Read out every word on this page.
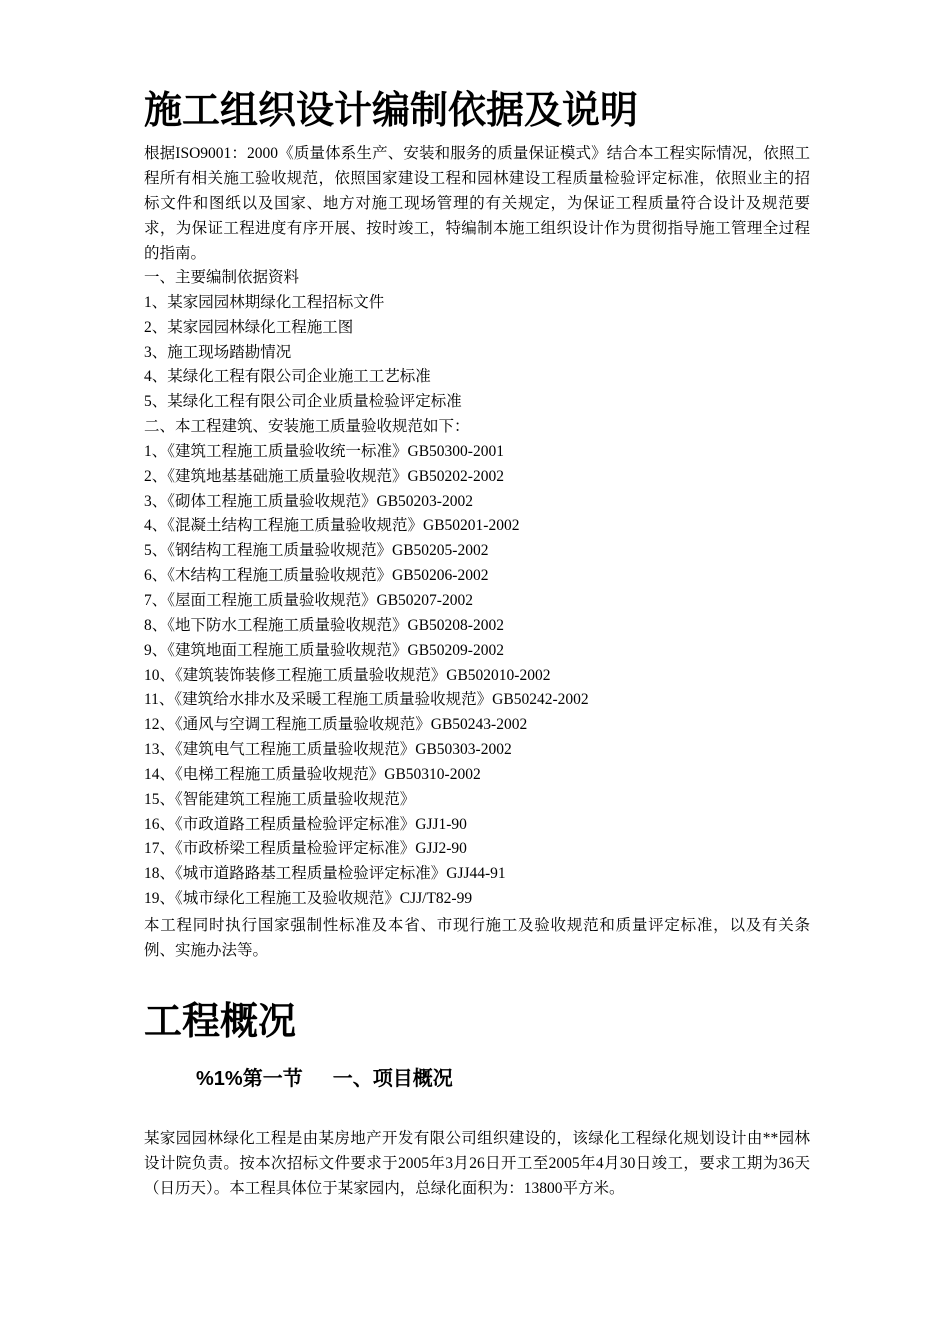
施工组织设计编制依据及说明
根据ISO9001：2000《质量体系生产、安装和服务的质量保证模式》结合本工程实际情况，依照工程所有相关施工验收规范，依照国家建设工程和园林建设工程质量检验评定标准，依照业主的招标文件和图纸以及国家、地方对施工现场管理的有关规定，为保证工程质量符合设计及规范要求，为保证工程进度有序开展、按时竣工，特编制本施工组织设计作为贯彻指导施工管理全过程的指南。
一、主要编制依据资料
1、某家园园林期绿化工程招标文件
2、某家园园林绿化工程施工图
3、施工现场踏勘情况
4、某绿化工程有限公司企业施工工艺标准
5、某绿化工程有限公司企业质量检验评定标准
二、本工程建筑、安装施工质量验收规范如下：
1、《建筑工程施工质量验收统一标准》GB50300-2001
2、《建筑地基基础施工质量验收规范》GB50202-2002
3、《砌体工程施工质量验收规范》GB50203-2002
4、《混凝土结构工程施工质量验收规范》GB50201-2002
5、《钢结构工程施工质量验收规范》GB50205-2002
6、《木结构工程施工质量验收规范》GB50206-2002
7、《屋面工程施工质量验收规范》GB50207-2002
8、《地下防水工程施工质量验收规范》GB50208-2002
9、《建筑地面工程施工质量验收规范》GB50209-2002
10、《建筑装饰装修工程施工质量验收规范》GB502010-2002
11、《建筑给水排水及采暖工程施工质量验收规范》GB50242-2002
12、《通风与空调工程施工质量验收规范》GB50243-2002
13、《建筑电气工程施工质量验收规范》GB50303-2002
14、《电梯工程施工质量验收规范》GB50310-2002
15、《智能建筑工程施工质量验收规范》
16、《市政道路工程质量检验评定标准》GJJ1-90
17、《市政桥梁工程质量检验评定标准》GJJ2-90
18、《城市道路路基工程质量检验评定标准》GJJ44-91
19、《城市绿化工程施工及验收规范》CJJ/T82-99
本工程同时执行国家强制性标准及本省、市现行施工及验收规范和质量评定标准，以及有关条例、实施办法等。
工程概况
%1%第一节 一、项目概况
某家园园林绿化工程是由某房地产开发有限公司组织建设的，该绿化工程绿化规划设计由**园林设计院负责。按本次招标文件要求于2005年3月26日开工至2005年4月30日竣工，要求工期为36天（日历天）。本工程具体位于某家园内，总绿化面积为：13800平方米。
